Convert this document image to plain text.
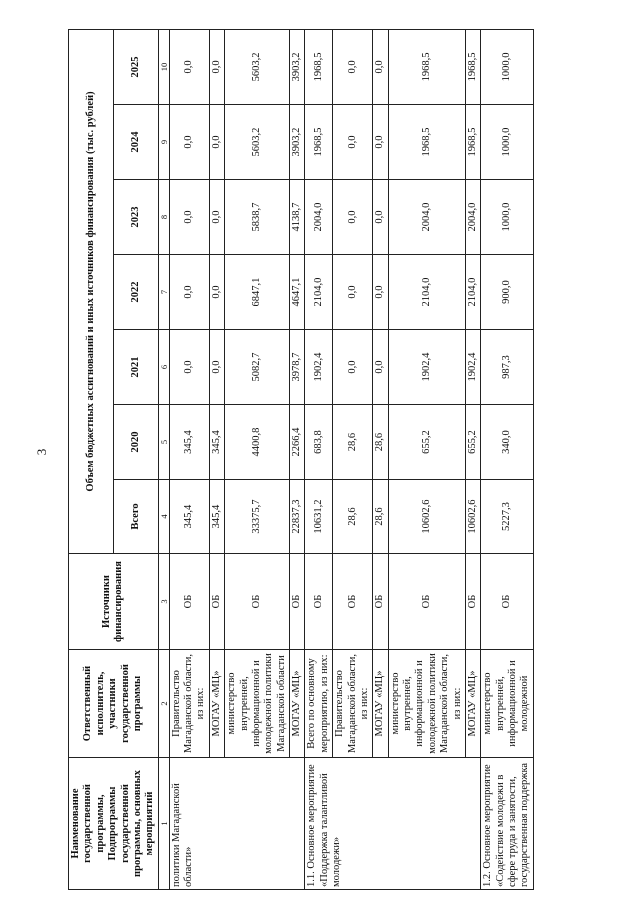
3
Наименование государственной программы, Подпрограммы государственной программы, основных мероприятий	Ответственный исполнитель, участники государственной программы	Источники финансирования	Объем бюджетных ассигнований и иных источников финансирования (тыс. рублей)						
			Всего	2020	2021	2022	2023	2024	2025
1	2	3	4	5	6	7	8	9	10
политики Магаданской области»	Правительство Магаданской области, из них:	ОБ	345,4	345,4	0,0	0,0	0,0	0,0	0,0
	МОГАУ «МЦ»	ОБ	345,4	345,4	0,0	0,0	0,0	0,0	0,0
	министерство внутренней, информационной и молодежной политики Магаданской области	ОБ	33375,7	4400,8	5082,7	6847,1	5838,7	5603,2	5603,2
	МОГАУ «МЦ»	ОБ	22837,3	2266,4	3978,7	4647,1	4138,7	3903,2	3903,2
1.1. Основное мероприятие «Поддержка талантливой молодежи»	Всего по основному мероприятию, из них:	ОБ	10631,2	683,8	1902,4	2104,0	2004,0	1968,5	1968,5
	Правительство Магаданской области, из них:	ОБ	28,6	28,6	0,0	0,0	0,0	0,0	0,0
	МОГАУ «МЦ»	ОБ	28,6	28,6	0,0	0,0	0,0	0,0	0,0
	министерство внутренней, информационной и молодежной политики Магаданской области, из них:	ОБ	10602,6	655,2	1902,4	2104,0	2004,0	1968,5	1968,5
	МОГАУ «МЦ»	ОБ	10602,6	655,2	1902,4	2104,0	2004,0	1968,5	1968,5
1.2. Основное мероприятие «Содействие молодежи в сфере труда и занятости, государственная поддержка	министерство внутренней, информационной и молодежной	ОБ	5227,3	340,0	987,3	900,0	1000,0	1000,0	1000,0
